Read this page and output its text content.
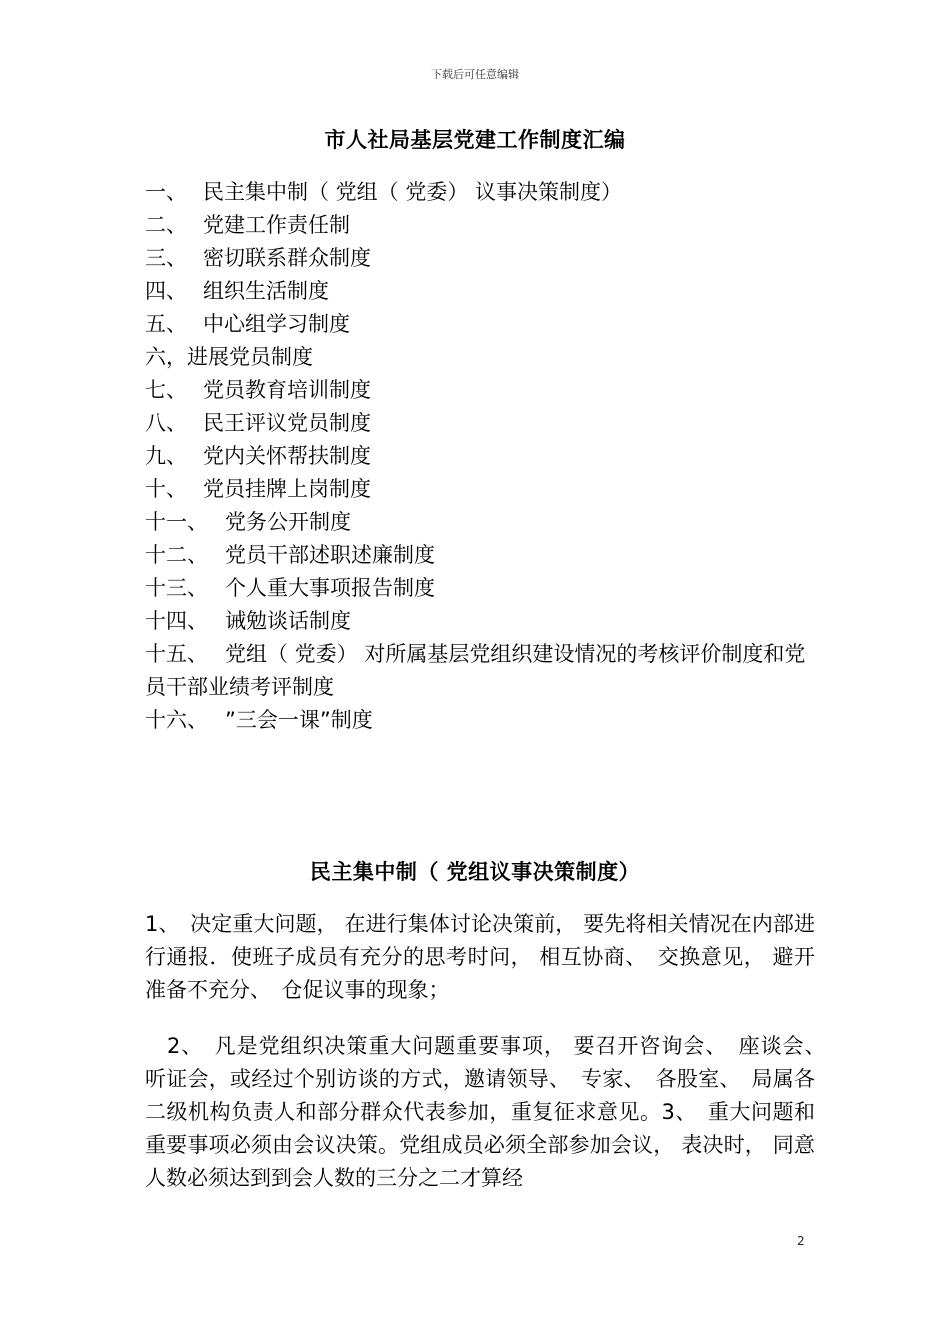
下载后可任意编辑
市人社局基层党建工作制度汇编
一、 民主集中制（ 党组（ 党委） 议事决策制度）
二、 党建工作责任制
三、 密切联系群众制度
四、 组织生活制度
五、 中心组学习制度
六，进展党员制度
七、 党员教育培训制度
八、 民王评议党员制度
九、 党内关怀帮扶制度
十、 党员挂牌上岗制度
十一、 党务公开制度
十二、 党员干部述职述廉制度
十三、 个人重大事项报告制度
十四、 诫勉谈话制度
十五、 党组（ 党委） 对所属基层党组织建设情况的考核评价制度和党员干部业绩考评制度
十六、 ”三会一课”制度
民主集中制（ 党组议事决策制度）

1、　决定重大问题， 在进行集体讨论决策前， 要先将相关情况在内部进行通报．使班子成员有充分的思考时问， 相互协商、　交换意见， 避开准备不充分、　仓促议事的现象；

　2、　凡是党组织决策重大问题重要事项， 要召开咨询会、　座谈会、　听证会，或经过个别访谈的方式，邀请领导、　专家、　各股室、　局属各二级机构负责人和部分群众代表参加，重复征求意见。3、　重大问题和重要事项必须由会议决策。党组成员必须全部参加会议， 表决时， 同意人数必须达到到会人数的三分之二才算经

2
